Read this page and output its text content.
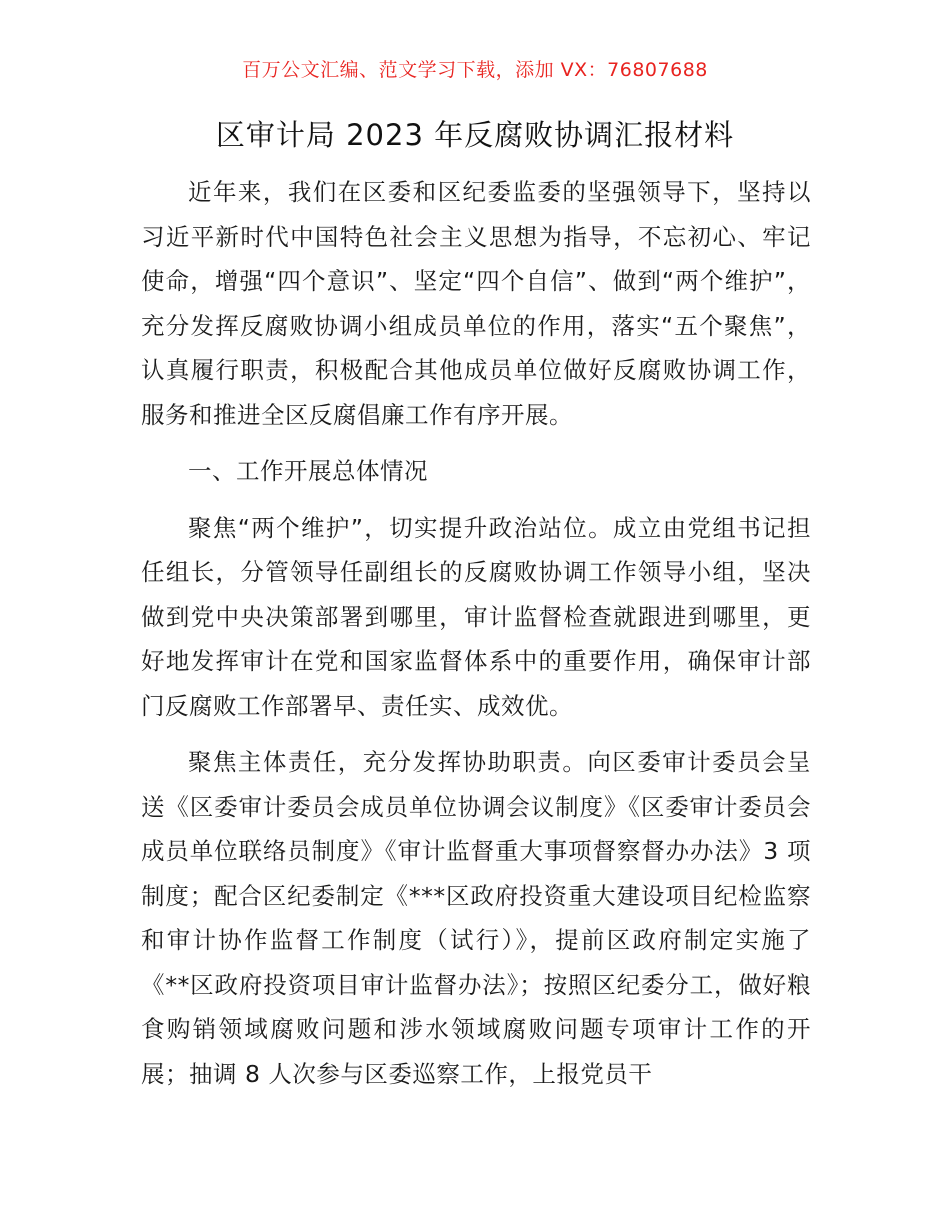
百万公文汇编、范文学习下载，添加 VX：76807688
区审计局 2023 年反腐败协调汇报材料

近年来，我们在区委和区纪委监委的坚强领导下，坚持以习近平新时代中国特色社会主义思想为指导，不忘初心、牢记使命，增强“四个意识”、坚定“四个自信”、做到“两个维护”，充分发挥反腐败协调小组成员单位的作用，落实“五个聚焦”，认真履行职责，积极配合其他成员单位做好反腐败协调工作，服务和推进全区反腐倡廉工作有序开展。

一、工作开展总体情况

聚焦“两个维护”，切实提升政治站位。成立由党组书记担任组长，分管领导任副组长的反腐败协调工作领导小组，坚决做到党中央决策部署到哪里，审计监督检查就跟进到哪里，更好地发挥审计在党和国家监督体系中的重要作用，确保审计部门反腐败工作部署早、责任实、成效优。

聚焦主体责任，充分发挥协助职责。向区委审计委员会呈送《区委审计委员会成员单位协调会议制度》《区委审计委员会成员单位联络员制度》《审计监督重大事项督察督办办法》3 项制度；配合区纪委制定《***区政府投资重大建设项目纪检监察和审计协作监督工作制度（试行）》，提前区政府制定实施了《**区政府投资项目审计监督办法》；按照区纪委分工，做好粮食购销领域腐败问题和涉水领域腐败问题专项审计工作的开展；抽调 8 人次参与区委巡察工作，上报党员干
